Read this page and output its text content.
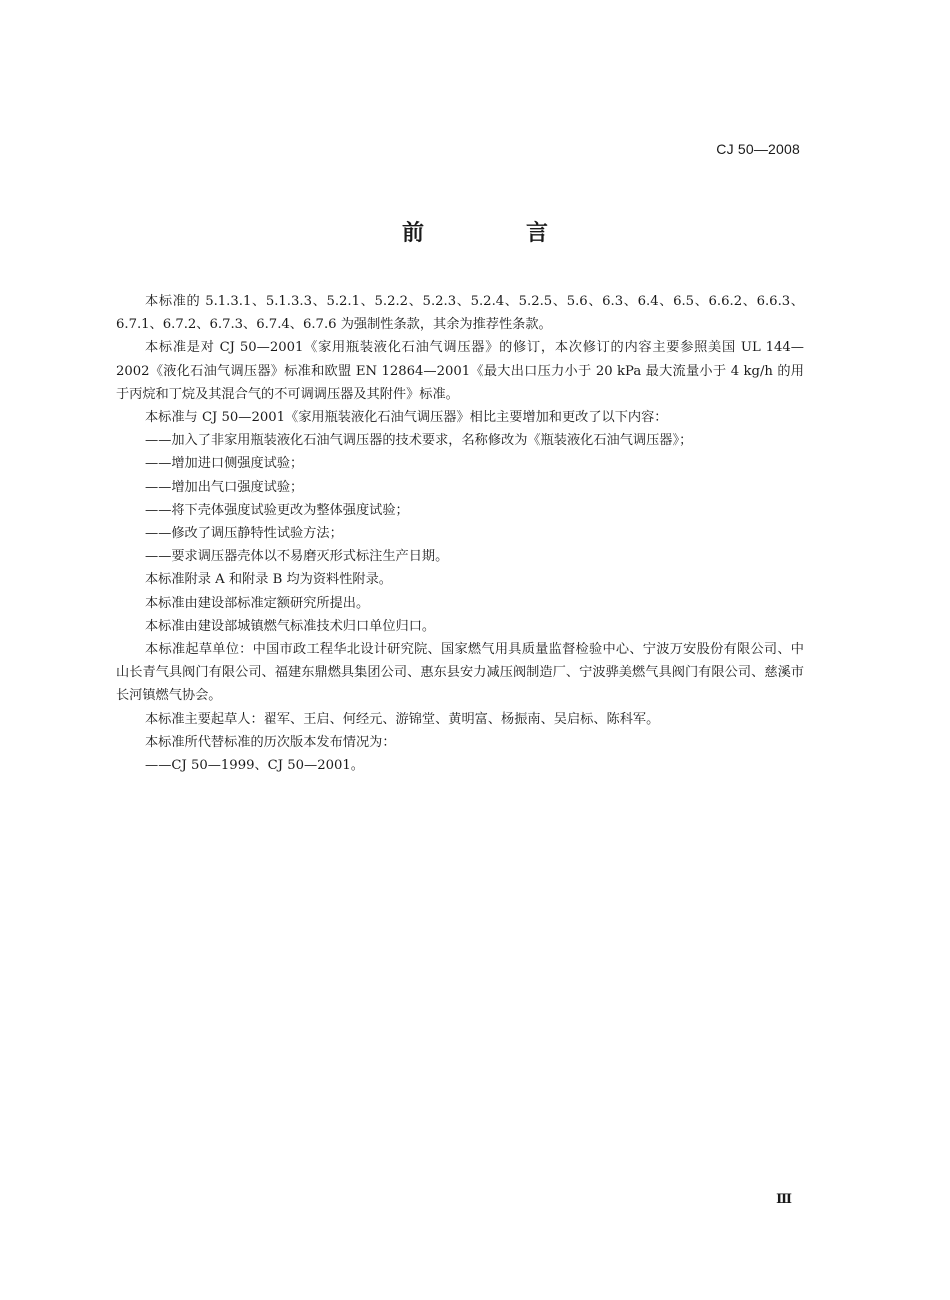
CJ 50—2008
前　言

本标准的 5.1.3.1、5.1.3.3、5.2.1、5.2.2、5.2.3、5.2.4、5.2.5、5.6、6.3、6.4、6.5、6.6.2、6.6.3、6.7.1、6.7.2、6.7.3、6.7.4、6.7.6 为强制性条款，其余为推荐性条款。

本标准是对 CJ 50—2001《家用瓶装液化石油气调压器》的修订，本次修订的内容主要参照美国 UL 144—2002《液化石油气调压器》标准和欧盟 EN 12864—2001《最大出口压力小于 20 kPa 最大流量小于 4 kg/h 的用于丙烷和丁烷及其混合气的不可调调压器及其附件》标准。

本标准与 CJ 50—2001《家用瓶装液化石油气调压器》相比主要增加和更改了以下内容：

——加入了非家用瓶装液化石油气调压器的技术要求，名称修改为《瓶装液化石油气调压器》；

——增加进口侧强度试验；

——增加出气口强度试验；

——将下壳体强度试验更改为整体强度试验；

——修改了调压静特性试验方法；

——要求调压器壳体以不易磨灭形式标注生产日期。

本标准附录 A 和附录 B 均为资料性附录。

本标准由建设部标准定额研究所提出。

本标准由建设部城镇燃气标准技术归口单位归口。

本标准起草单位：中国市政工程华北设计研究院、国家燃气用具质量监督检验中心、宁波万安股份有限公司、中山长青气具阀门有限公司、福建东鼎燃具集团公司、惠东县安力减压阀制造厂、宁波骅美燃气具阀门有限公司、慈溪市长河镇燃气协会。

本标准主要起草人：翟军、王启、何经元、游锦堂、黄明富、杨振南、吴启标、陈科军。

本标准所代替标准的历次版本发布情况为：

——CJ 50—1999、CJ 50—2001。

Ⅲ
